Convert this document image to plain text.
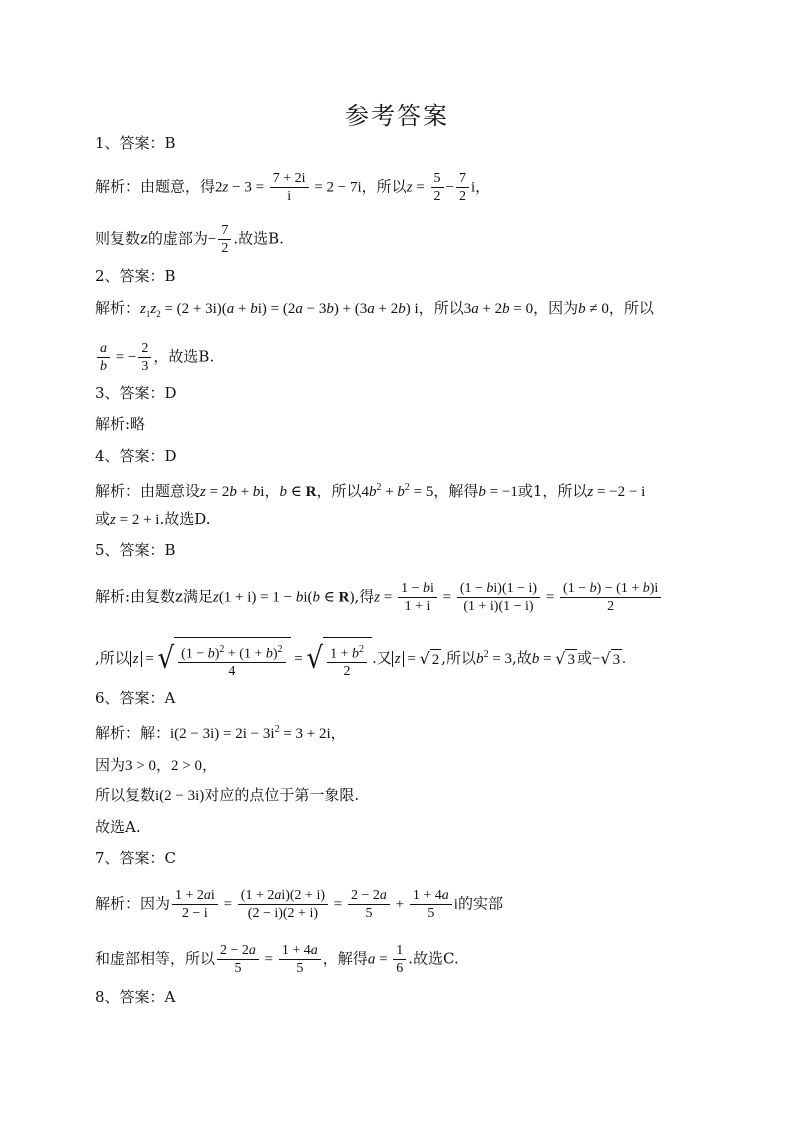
参考答案
1、答案：B
解析：由题意，得$2z - 3 = \frac{7 + 2i}{i} = 2 - 7i$，所以$z = \frac{5}{2} - \frac{7}{2}$ i，
则复数z的虚部为− $\frac{7}{2}$ .故选B.
2、答案：B
解析：$z_1z_2 = (2 + 3i)(a + bi) = (2a - 3b) + (3a + 2b)$ i，所以3a + 2b = 0，因为b ≠ 0，所以
$\frac{a}{b}$ = − $\frac{2}{3}$ ，故选B.
3、答案：D
解析:略
4、答案：D
解析：由题意设z = 2b + bi，b ∈ R，所以$4b^2 + b^2 = 5$，解得b = −1或1，所以z = −2 − i
或z = 2 + i.故选D.
5、答案：B
解析:由复数z满足z(1 + i) = 1 − bi(b ∈ R),得$z = \frac{1 - bi}{1 + i} = \frac{(1 - bi)(1 - i)}{(1 + i)(1 - i)} = \frac{(1 - b) - (1 + b)i}{2}$
,所以 z = √ $\frac{(1 - b)^2 + (1 + b)^2}{4}$ = √ $\frac{1 + b^2}{2}$ .又 z = √ 2 ,所以$b^2 = 3$,故b = √ 3 或− √ 3 .
6、答案：A
解析：解：$i(2 - 3i) = 2i - 3i^2 = 3 + 2i$，
因为3 > 0，2 > 0，
所以复数i(2 − 3i)对应的点位于第一象限.
故选A.
7、答案：C
解析：因为 $\frac{1 + 2ai}{2 - i} = \frac{(1 + 2ai)(2 + i)}{(2 - i)(2 + i)} = \frac{2 - 2a}{5} + \frac{1 + 4a}{5}$ i的实部
和虚部相等，所以 $\frac{2 - 2a}{5} = \frac{1 + 4a}{5}$ ，解得$a = \frac{1}{6}$ .故选C.
8、答案：A
